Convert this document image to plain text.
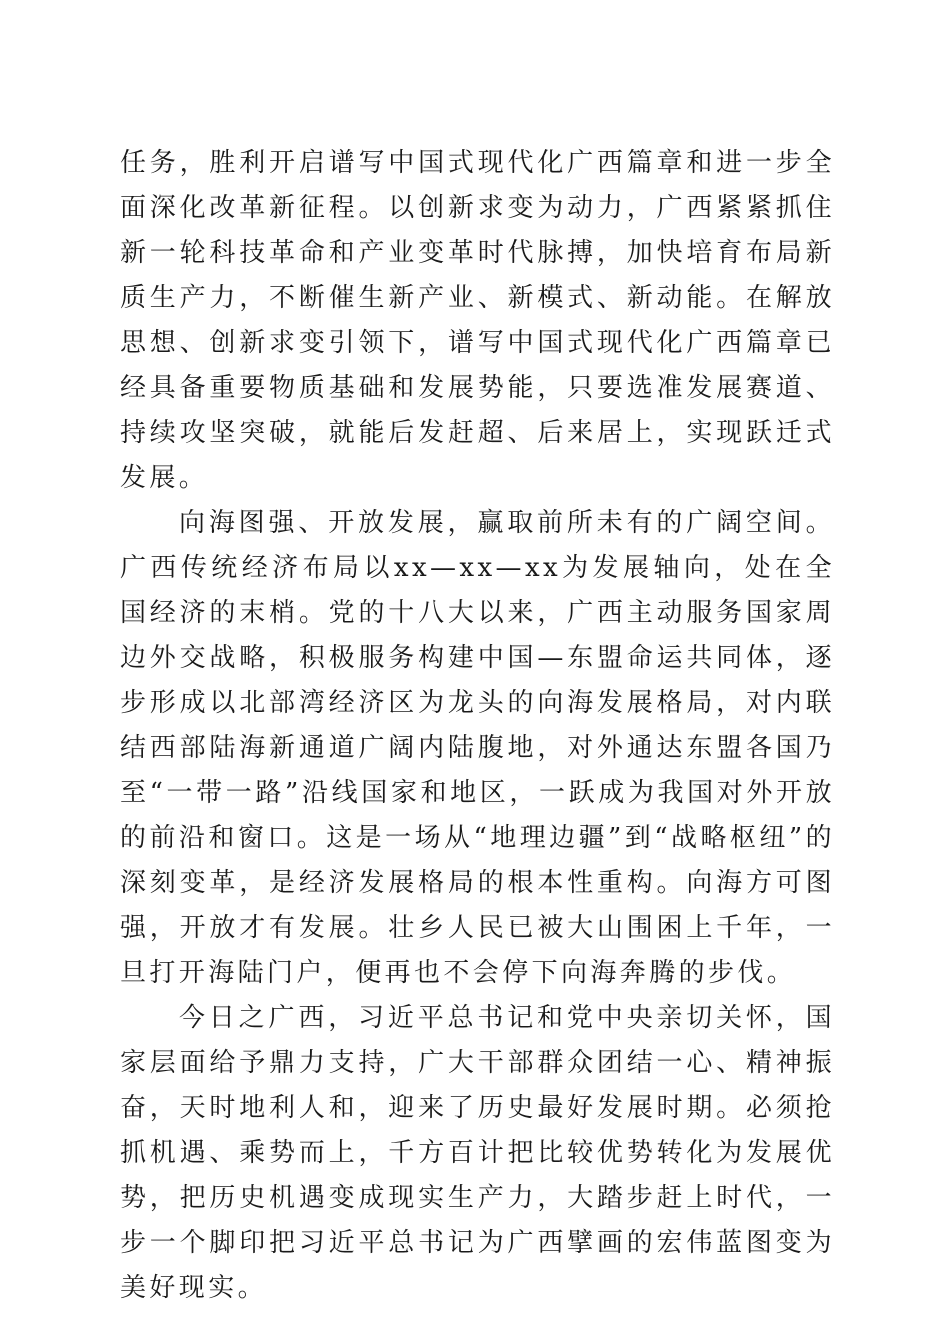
任务，胜利开启谱写中国式现代化广西篇章和进一步全面深化改革新征程。以创新求变为动力，广西紧紧抓住新一轮科技革命和产业变革时代脉搏，加快培育布局新质生产力，不断催生新产业、新模式、新动能。在解放思想、创新求变引领下，谱写中国式现代化广西篇章已经具备重要物质基础和发展势能，只要选准发展赛道、持续攻坚突破，就能后发赶超、后来居上，实现跃迁式发展。

向海图强、开放发展，赢取前所未有的广阔空间。广西传统经济布局以xx—xx—xx为发展轴向，处在全国经济的末梢。党的十八大以来，广西主动服务国家周边外交战略，积极服务构建中国—东盟命运共同体，逐步形成以北部湾经济区为龙头的向海发展格局，对内联结西部陆海新通道广阔内陆腹地，对外通达东盟各国乃至“一带一路”沿线国家和地区，一跃成为我国对外开放的前沿和窗口。这是一场从“地理边疆”到“战略枢纽”的深刻变革，是经济发展格局的根本性重构。向海方可图强，开放才有发展。壮乡人民已被大山围困上千年，一旦打开海陆门户，便再也不会停下向海奔腾的步伐。

今日之广西，习近平总书记和党中央亲切关怀，国家层面给予鼎力支持，广大干部群众团结一心、精神振奋，天时地利人和，迎来了历史最好发展时期。必须抢抓机遇、乘势而上，千方百计把比较优势转化为发展优势，把历史机遇变成现实生产力，大踏步赶上时代，一步一个脚印把习近平总书记为广西擘画的宏伟蓝图变为美好现实。
